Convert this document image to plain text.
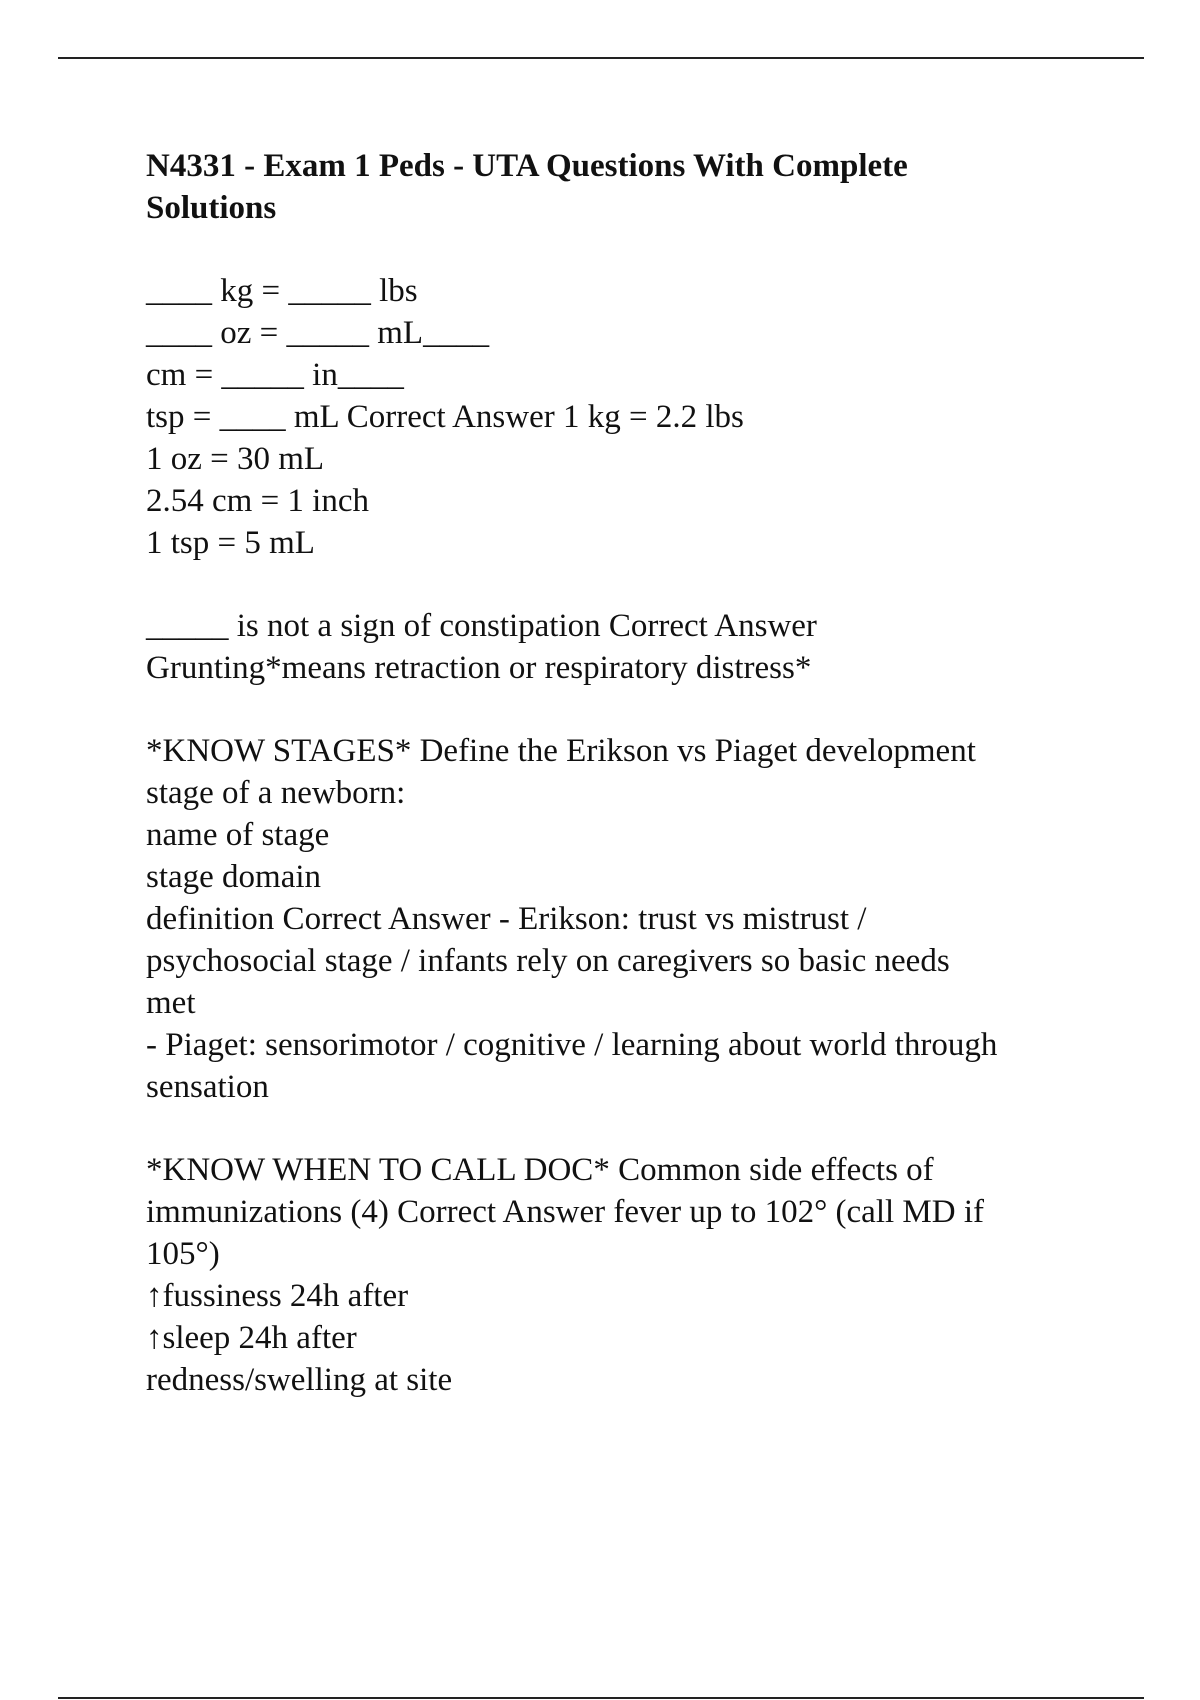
N4331 - Exam 1 Peds - UTA Questions With Complete
Solutions
____ kg = _____ lbs
____ oz = _____ mL____
cm = _____ in____
tsp = ____ mL Correct Answer 1 kg = 2.2 lbs
1 oz = 30 mL
2.54 cm = 1 inch
1 tsp = 5 mL
_____ is not a sign of constipation Correct Answer
Grunting*means retraction or respiratory distress*
*KNOW STAGES* Define the Erikson vs Piaget development
stage of a newborn:
name of stage
stage domain
definition Correct Answer - Erikson: trust vs mistrust /
psychosocial stage / infants rely on caregivers so basic needs
met
- Piaget: sensorimotor / cognitive / learning about world through
sensation
*KNOW WHEN TO CALL DOC* Common side effects of
immunizations (4) Correct Answer fever up to 102° (call MD if
105°)
↑fussiness 24h after
↑sleep 24h after
redness/swelling at site
